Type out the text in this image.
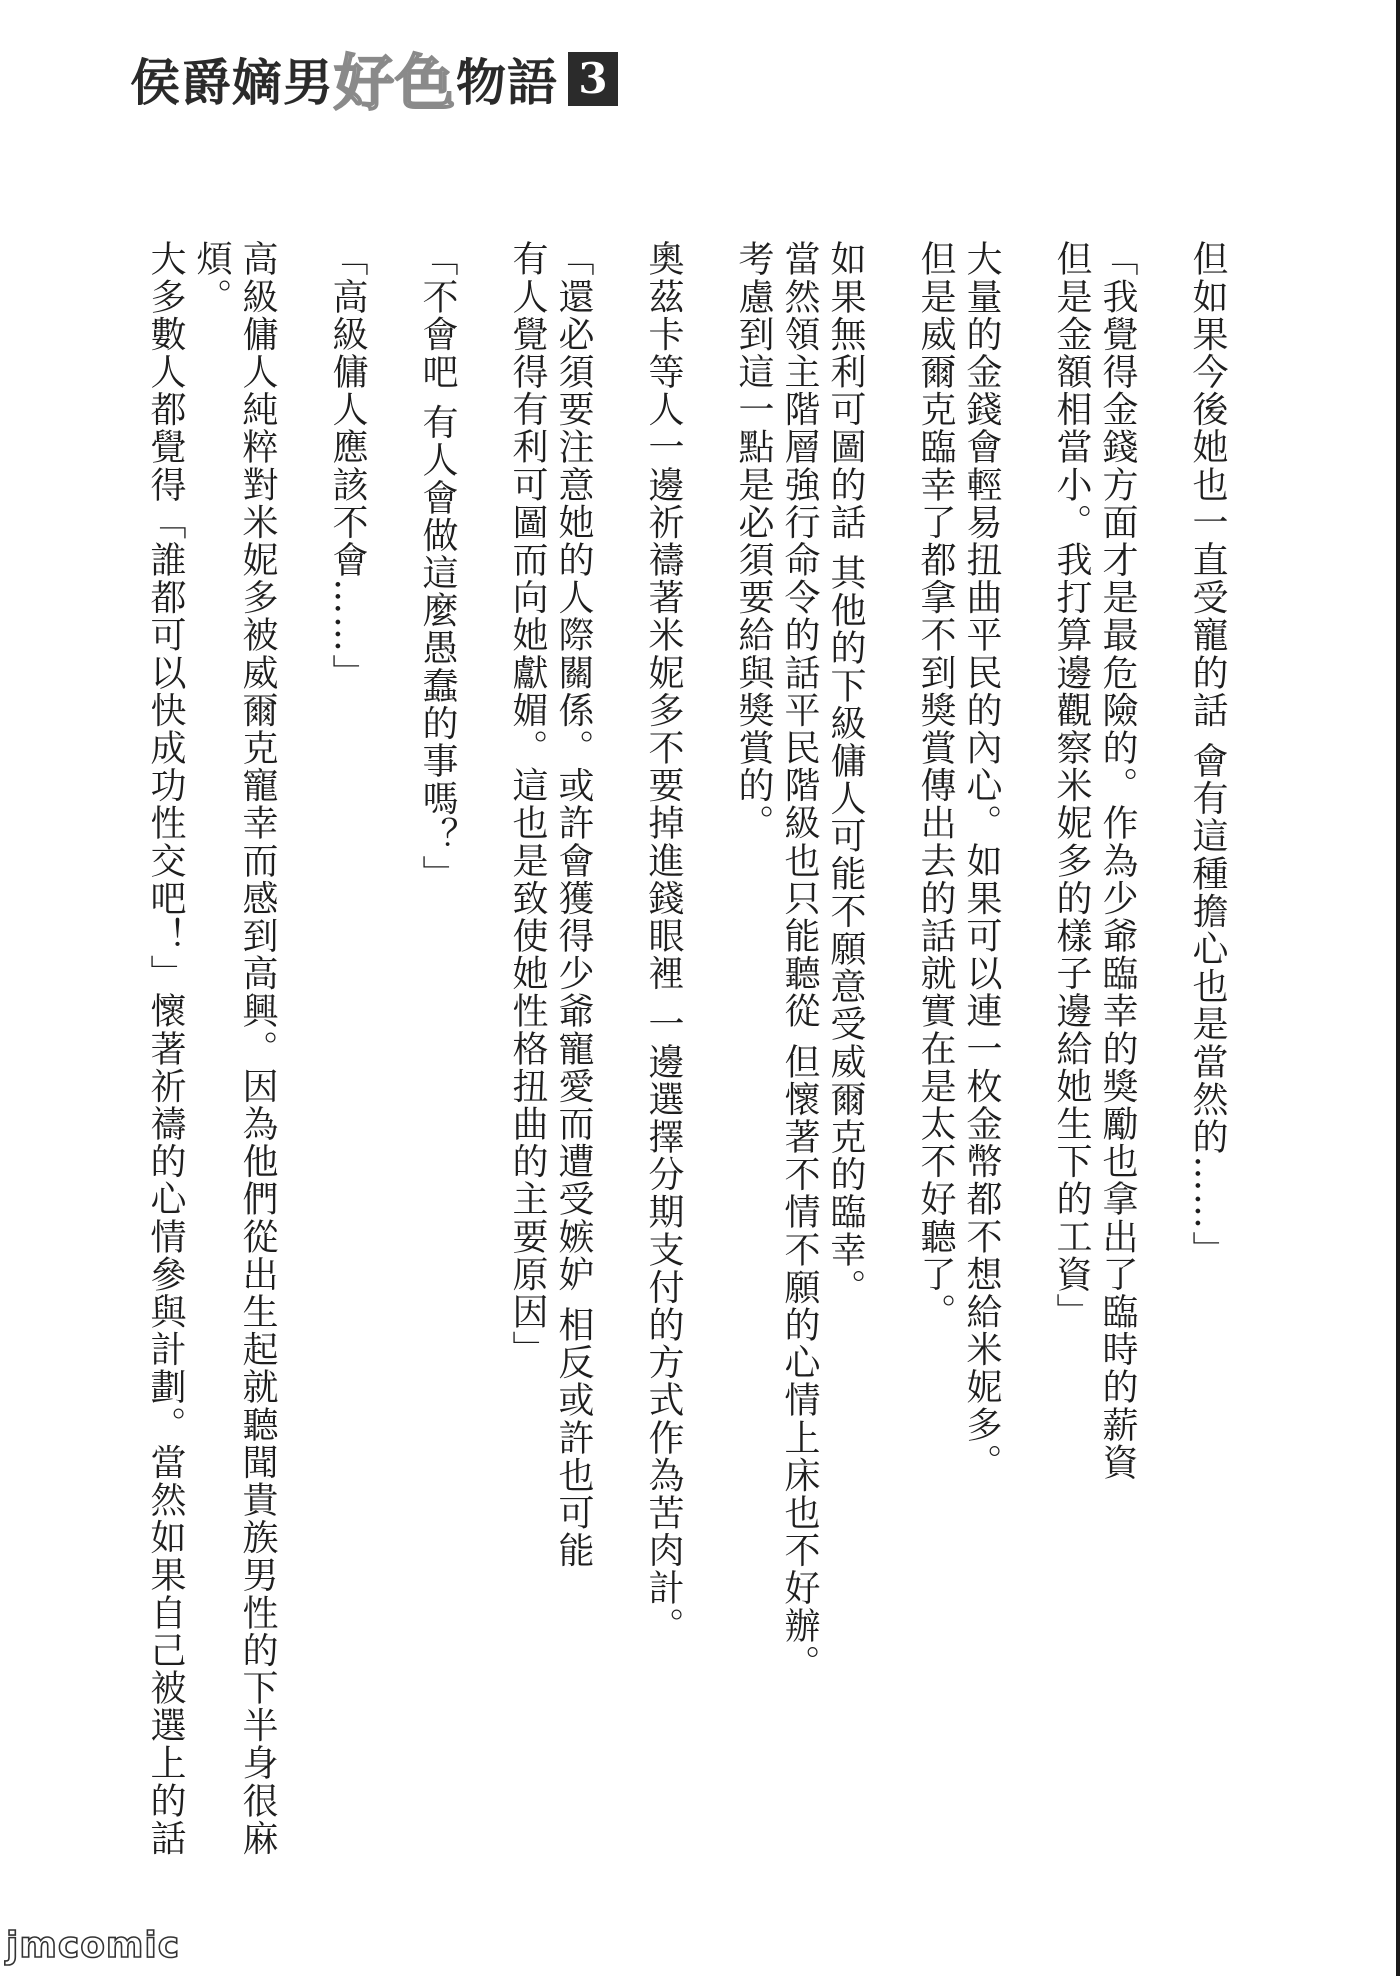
侯爵嫡男 好色 物語 3

但如果今後她也一直受寵的話 會有這種擔心也是當然的……」

「我覺得金錢方面才是最危險的。作為少爺臨幸的獎勵也拿出了臨時的薪資
但是金額相當小。我打算邊觀察米妮多的樣子邊給她生下的工資」

大量的金錢會輕易扭曲平民的內心。如果可以連一枚金幣都不想給米妮多。
但是威爾克臨幸了都拿不到獎賞傳出去的話就實在是太不好聽了。

如果無利可圖的話 其他的下級傭人可能不願意受威爾克的臨幸。
當然領主階層強行命令的話平民階級也只能聽從 但懷著不情不願的心情上床也不好辦。
考慮到這一點是必須要給與獎賞的。

奧茲卡等人一邊祈禱著米妮多不要掉進錢眼裡 一邊選擇分期支付的方式作為苦肉計。

「還必須要注意她的人際關係。或許會獲得少爺寵愛而遭受嫉妒 相反或許也可能
有人覺得有利可圖而向她獻媚。這也是致使她性格扭曲的主要原因」

「不會吧 有人會做這麼愚蠢的事嗎？」

「高級傭人應該不會……」

高級傭人純粹對米妮多被威爾克寵幸而感到高興。因為他們從出生起就聽聞貴族男性的下半身很麻煩。
大多數人都覺得「誰都可以快成功性交吧！」懷著祈禱的心情參與計劃。當然如果自己被選上的話

jmcomic
